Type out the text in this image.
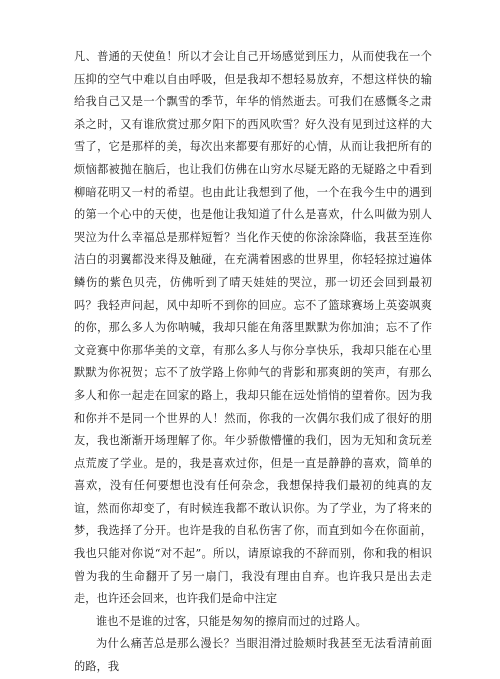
凡、普通的天使鱼！所以才会让自己开场感觉到压力，从而使我在一个压抑的空气中难以自由呼吸，但是我却不想轻易放弃，不想这样快的输给我自己又是一个飘雪的季节，年华的悄然逝去。可我们在感慨冬之肃杀之时，又有谁欣赏过那夕阳下的西风吹雪？好久没有见到过这样的大雪了，它是那样的美，每次出来都要有那好的心情，从而让我把所有的烦恼都被抛在脑后，也让我们仿佛在山穷水尽疑无路的无疑路之中看到柳暗花明又一村的希望。也由此让我想到了他，一个在我今生中的遇到的第一个心中的天使，也是他让我知道了什么是喜欢，什么叫做为别人哭泣为什么幸福总是那样短暂？当化作天使的你涂涂降临，我甚至连你洁白的羽翼都没来得及触碰，在充满着困惑的世界里，你轻轻掠过遍体鳞伤的紫色贝壳，仿佛听到了晴天娃娃的哭泣，那一切还会回到最初吗？我轻声问起，风中却听不到你的回应。忘不了篮球赛场上英姿飒爽的你，那么多人为你呐喊，我却只能在角落里默默为你加油；忘不了作文竞赛中你那华美的文章，有那么多人与你分享快乐，我却只能在心里默默为你祝贺；忘不了放学路上你帅气的背影和那爽朗的笑声，有那么多人和你一起走在回家的路上，我却只能在远处悄悄的望着你。因为我和你并不是同一个世界的人！然而，你我的一次偶尔我们成了很好的朋友，我也渐渐开场理解了你。年少骄傲懵懂的我们，因为无知和贪玩差点荒废了学业。是的，我是喜欢过你，但是一直是静静的喜欢，简单的喜欢，没有任何要想也没有任何杂念，我想保持我们最初的纯真的友谊，然而你却变了，有时候连我都不敢认识你。为了学业，为了将来的梦，我选择了分开。也许是我的自私伤害了你，而直到如今在你面前，我也只能对你说“对不起”。所以，请原谅我的不辞而别，你和我的相识曾为我的生命翻开了另一扇门，我没有理由自弃。也许我只是出去走走，也许还会回来，也许我们是命中注定

谁也不是谁的过客，只能是匆匆的擦肩而过的过路人。

为什么痛苦总是那么漫长？当眼泪滑过脸颊时我甚至无法看清前面的路，我
